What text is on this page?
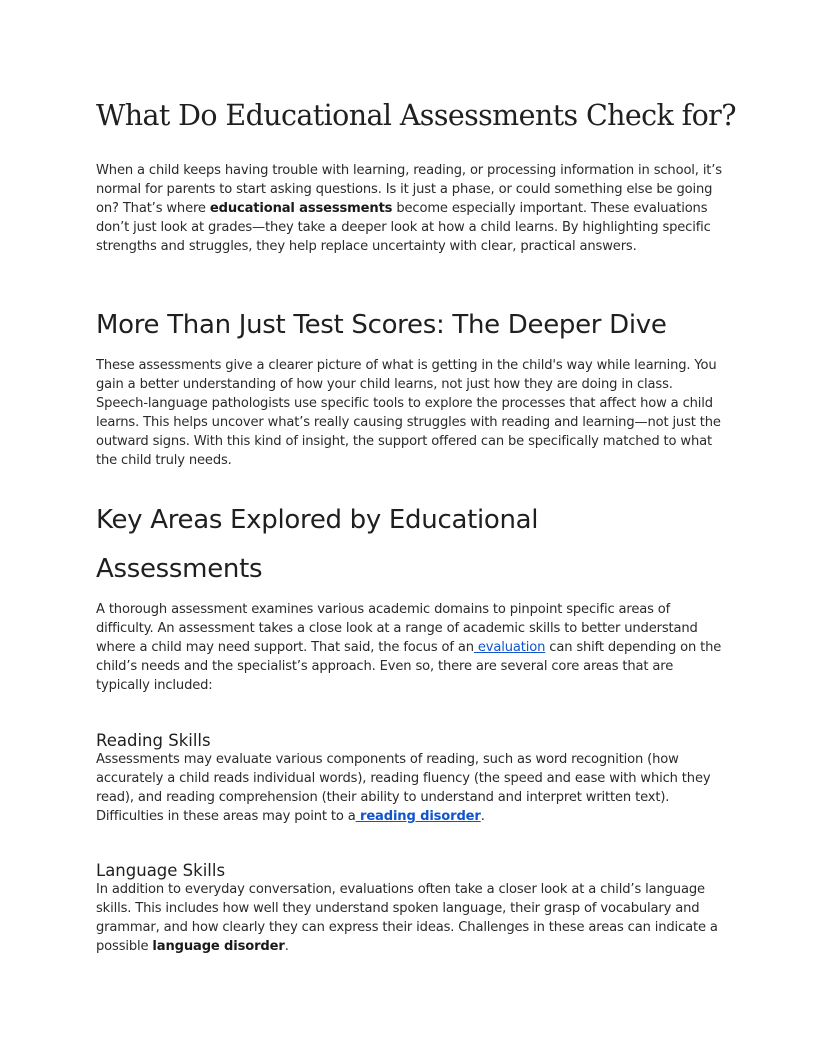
What Do Educational Assessments Check for?

When a child keeps having trouble with learning, reading, or processing information in school, it’s normal for parents to start asking questions. Is it just a phase, or could something else be going on? That’s where educational assessments become especially important. These evaluations don’t just look at grades—they take a deeper look at how a child learns. By highlighting specific strengths and struggles, they help replace uncertainty with clear, practical answers.

More Than Just Test Scores: The Deeper Dive

These assessments give a clearer picture of what is getting in the child's way while learning. You gain a better understanding of how your child learns, not just how they are doing in class. Speech-language pathologists use specific tools to explore the processes that affect how a child learns. This helps uncover what’s really causing struggles with reading and learning—not just the outward signs. With this kind of insight, the support offered can be specifically matched to what the child truly needs.

Key Areas Explored by Educational Assessments

A thorough assessment examines various academic domains to pinpoint specific areas of difficulty. An assessment takes a close look at a range of academic skills to better understand where a child may need support. That said, the focus of an evaluation can shift depending on the child’s needs and the specialist’s approach. Even so, there are several core areas that are typically included:

Reading Skills

Assessments may evaluate various components of reading, such as word recognition (how accurately a child reads individual words), reading fluency (the speed and ease with which they read), and reading comprehension (their ability to understand and interpret written text). Difficulties in these areas may point to a reading disorder.

Language Skills

In addition to everyday conversation, evaluations often take a closer look at a child’s language skills. This includes how well they understand spoken language, their grasp of vocabulary and grammar, and how clearly they can express their ideas. Challenges in these areas can indicate a possible language disorder.
